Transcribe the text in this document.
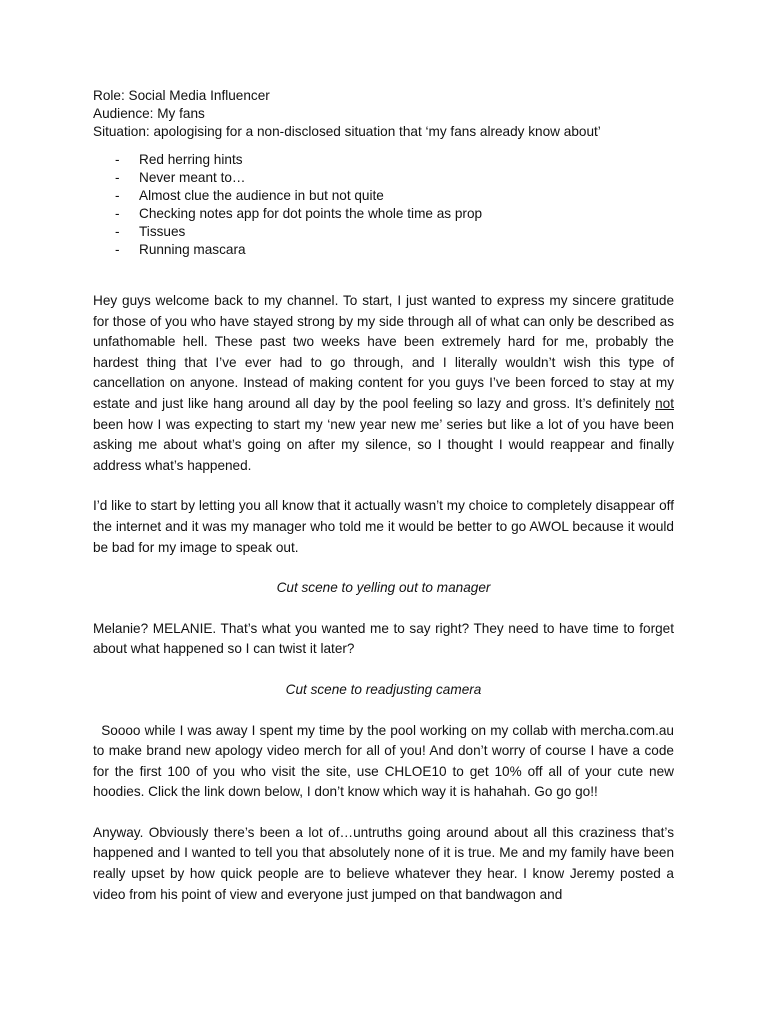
Role: Social Media Influencer

Audience: My fans

Situation: apologising for a non-disclosed situation that ‘my fans already know about’

- Red herring hints
- Never meant to…
- Almost clue the audience in but not quite
- Checking notes app for dot points the whole time as prop
- Tissues
- Running mascara

Hey guys welcome back to my channel. To start, I just wanted to express my sincere gratitude for those of you who have stayed strong by my side through all of what can only be described as unfathomable hell. These past two weeks have been extremely hard for me, probably the hardest thing that I’ve ever had to go through, and I literally wouldn’t wish this type of cancellation on anyone. Instead of making content for you guys I’ve been forced to stay at my estate and just like hang around all day by the pool feeling so lazy and gross. It’s definitely not been how I was expecting to start my ‘new year new me’ series but like a lot of you have been asking me about what’s going on after my silence, so I thought I would reappear and finally address what’s happened.

I’d like to start by letting you all know that it actually wasn’t my choice to completely disappear off the internet and it was my manager who told me it would be better to go AWOL because it would be bad for my image to speak out.

Cut scene to yelling out to manager

Melanie? MELANIE. That’s what you wanted me to say right? They need to have time to forget about what happened so I can twist it later?

Cut scene to readjusting camera

Soooo while I was away I spent my time by the pool working on my collab with mercha.com.au to make brand new apology video merch for all of you! And don’t worry of course I have a code for the first 100 of you who visit the site, use CHLOE10 to get 10% off all of your cute new hoodies. Click the link down below, I don’t know which way it is hahahah. Go go go!!

Anyway. Obviously there’s been a lot of…untruths going around about all this craziness that’s happened and I wanted to tell you that absolutely none of it is true. Me and my family have been really upset by how quick people are to believe whatever they hear. I know Jeremy posted a video from his point of view and everyone just jumped on that bandwagon and
